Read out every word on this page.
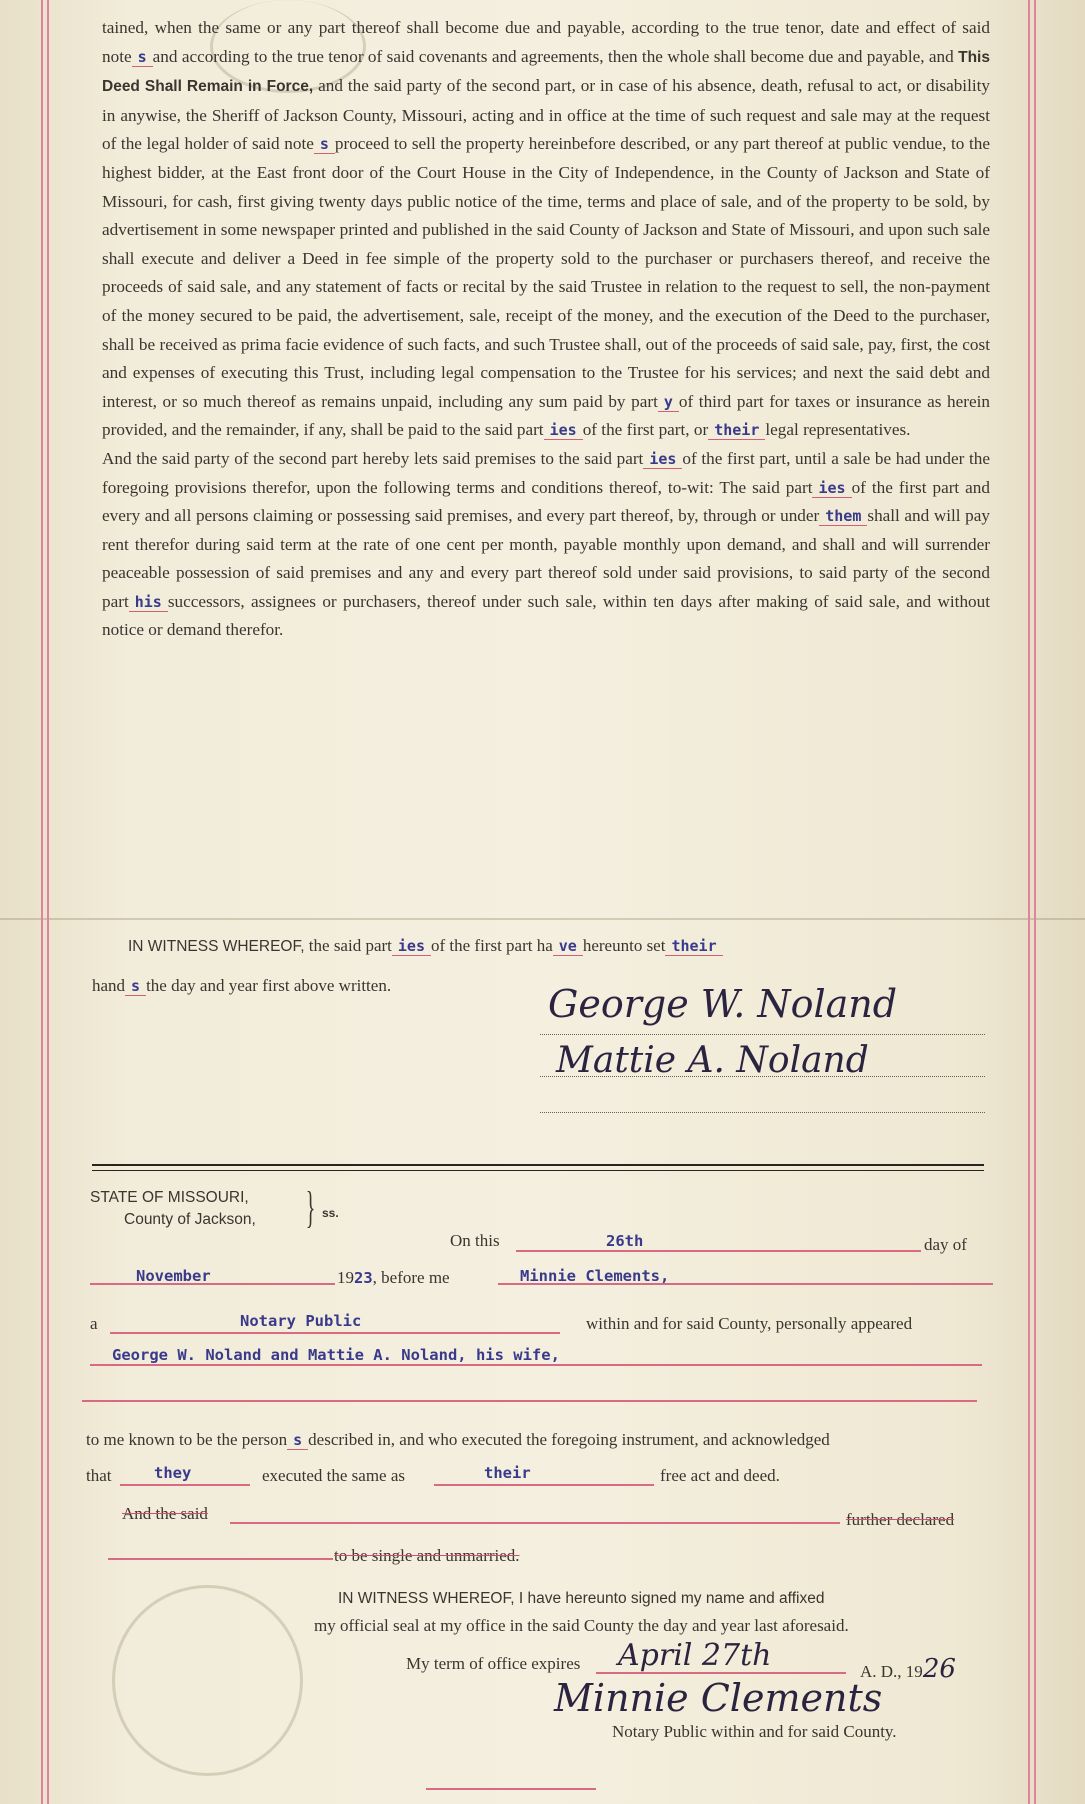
tained, when the same or any part thereof shall become due and payable, according to the true tenor, date and effect of said note s and according to the true tenor of said covenants and agreements, then the whole shall become due and payable, and This Deed Shall Remain in Force, and the said party of the second part, or in case of his absence, death, refusal to act, or disability in anywise, the Sheriff of Jackson County, Missouri, acting and in office at the time of such request and sale may at the request of the legal holder of said note s proceed to sell the property hereinbefore described, or any part thereof at public vendue, to the highest bidder, at the East front door of the Court House in the City of Independence, in the County of Jackson and State of Missouri, for cash, first giving twenty days public notice of the time, terms and place of sale, and of the property to be sold, by advertisement in some newspaper printed and published in the said County of Jackson and State of Missouri, and upon such sale shall execute and deliver a Deed in fee simple of the property sold to the purchaser or purchasers thereof, and receive the proceeds of said sale, and any statement of facts or recital by the said Trustee in relation to the request to sell, the non-payment of the money secured to be paid, the advertisement, sale, receipt of the money, and the execution of the Deed to the purchaser, shall be received as prima facie evidence of such facts, and such Trustee shall, out of the proceeds of said sale, pay, first, the cost and expenses of executing this Trust, including legal compensation to the Trustee for his services; and next the said debt and interest, or so much thereof as remains unpaid, including any sum paid by part y of third part for taxes or insurance as herein provided, and the remainder, if any, shall be paid to the said part ies of the first part, or their legal representatives.

And the said party of the second part hereby lets said premises to the said part ies of the first part, until a sale be had under the foregoing provisions therefor, upon the following terms and conditions thereof, to-wit: The said part ies of the first part and every and all persons claiming or possessing said premises, and every part thereof, by, through or under them shall and will pay rent therefor during said term at the rate of one cent per month, payable monthly upon demand, and shall and will surrender peaceable possession of said premises and any and every part thereof sold under said provisions, to said party of the second part his successors, assignees or purchasers, thereof under such sale, within ten days after making of said sale, and without notice or demand therefor.

IN WITNESS WHEREOF, the said part ies of the first part ha ve hereunto set their
hand s the day and year first above written.	George W. Noland
Mattie A. Noland
STATE OF MISSOURI,
County of Jackson, } ss.
On this	26th	day of
November	1923, before me	Minnie Clements,
a	Notary Public	within and for said County, personally appeared
George W. Noland and Mattie A. Noland, his wife,
to me known to be the person s described in, and who executed the foregoing instrument, and acknowledged
that	they	executed the same as	their	free act and deed.
And the said	further declared
to be single and unmarried.
IN WITNESS WHEREOF, I have hereunto signed my name and affixed
my official seal at my office in the said County the day and year last aforesaid.
My term of office expires April 27th	A. D., 1926
Minnie Clements
Notary Public within and for said County.
